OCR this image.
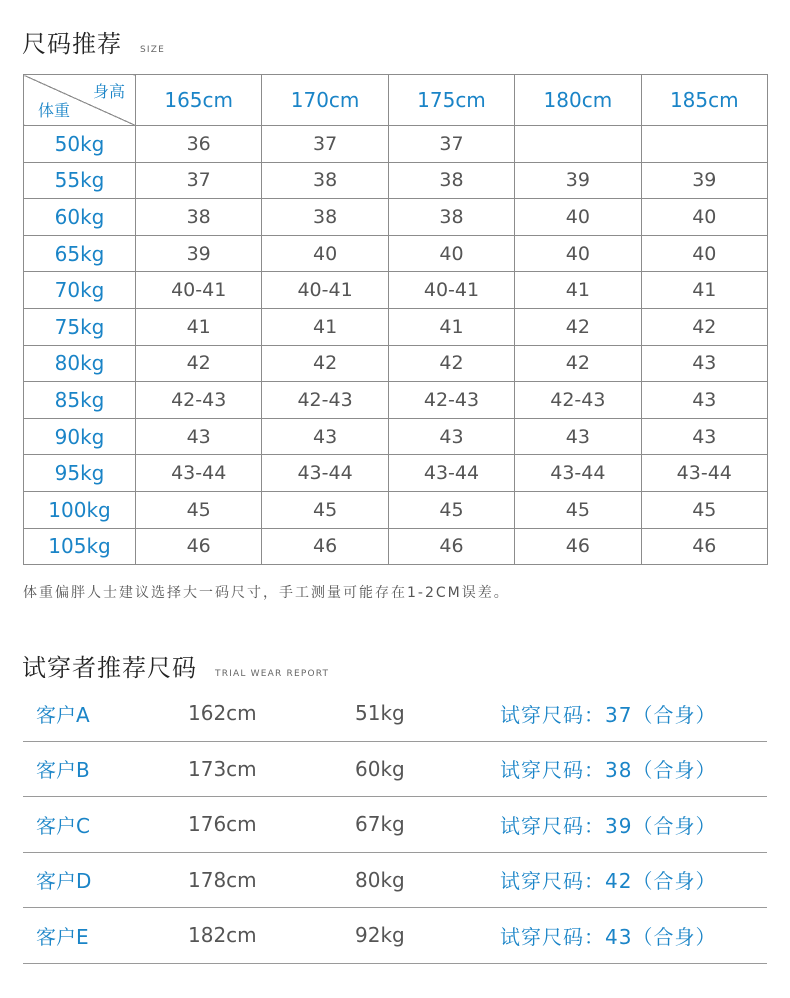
尺码推荐 SIZE
身高
体重	165cm	170cm	175cm	180cm	185cm
50kg	36	37	37		
55kg	37	38	38	39	39
60kg	38	38	38	40	40
65kg	39	40	40	40	40
70kg	40-41	40-41	40-41	41	41
75kg	41	41	41	42	42
80kg	42	42	42	42	43
85kg	42-43	42-43	42-43	42-43	43
90kg	43	43	43	43	43
95kg	43-44	43-44	43-44	43-44	43-44
100kg	45	45	45	45	45
105kg	46	46	46	46	46
体重偏胖人士建议选择大一码尺寸，手工测量可能存在1-2CM误差。
试穿者推荐尺码 TRIAL WEAR REPORT
客户A	162cm	51kg	试穿尺码：37（合身）
客户B	173cm	60kg	试穿尺码：38（合身）
客户C	176cm	67kg	试穿尺码：39（合身）
客户D	178cm	80kg	试穿尺码：42（合身）
客户E	182cm	92kg	试穿尺码：43（合身）
